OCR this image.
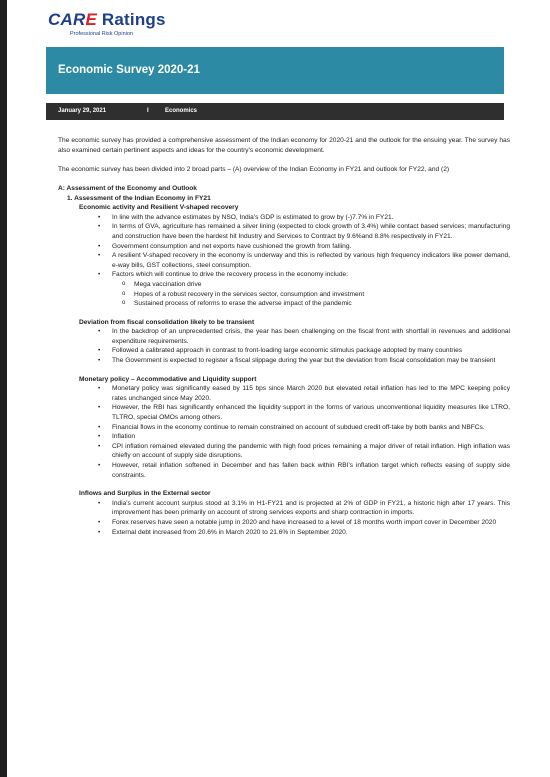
CARE Ratings
Professional Risk Opinion
Economic Survey 2020-21
January 29, 2021	I	Economics

The economic survey has provided a comprehensive assessment of the Indian economy for 2020-21 and the outlook for the ensuing year. The survey has also examined certain pertinent aspects and ideas for the country's economic development.

The economic survey has been divided into 2 broad parts – (A) overview of the Indian Economy in FY21 and outlook for FY22, and (2)

A: Assessment of the Economy and Outlook
1. Assessment of the Indian Economy in FY21
Economic activity and Resilient V-shaped recovery
• In line with the advance estimates by NSO, India's GDP is estimated to grow by (-)7.7% in FY21.
• In terms of GVA, agriculture has remained a silver lining (expected to clock growth of 3.4%) while contact based services; manufacturing and construction have been the hardest hit Industry and Services to Contract by 9.6%and 8.8% respectively in FY21.
• Government consumption and net exports have cushioned the growth from falling.
• A resilient V-shaped recovery in the economy is underway and this is reflected by various high frequency indicators like power demand, e-way bills, GST collections, steel consumption.
• Factors which will continue to drive the recovery process in the economy include:
o Mega vaccination drive
o Hopes of a robust recovery in the services sector, consumption and investment
o Sustained process of reforms to erase the adverse impact of the pandemic
Deviation from fiscal consolidation likely to be transient
• In the backdrop of an unprecedented crisis, the year has been challenging on the fiscal front with shortfall in revenues and additional expenditure requirements.
• Followed a calibrated approach in contrast to front-loading large economic stimulus package adopted by many countries
• The Government is expected to register a fiscal slippage during the year but the deviation from fiscal consolidation may be transient
Monetary policy – Accommodative and Liquidity support
• Monetary policy was significantly eased by 115 bps since March 2020 but elevated retail inflation has led to the MPC keeping policy rates unchanged since May 2020.
• However, the RBI has significantly enhanced the liquidity support in the forms of various unconventional liquidity measures like LTRO, TLTRO, special OMOs among others.
• Financial flows in the economy continue to remain constrained on account of subdued credit off-take by both banks and NBFCs.
• Inflation
• CPI inflation remained elevated during the pandemic with high food prices remaining a major driver of retail inflation. High inflation was chiefly on account of supply side disruptions.
• However, retail inflation softened in December and has fallen back within RBI's inflation target which reflects easing of supply side constraints.
Inflows and Surplus in the External sector
• India's current account surplus stood at 3.1% in H1-FY21 and is projected at 2% of GDP in FY21, a historic high after 17 years. This improvement has been primarily on account of strong services exports and sharp contraction in imports.
• Forex reserves have seen a notable jump in 2020 and have increased to a level of 18 months worth import cover in December 2020
• External debt increased from 20.6% in March 2020 to 21.6% in September 2020.
